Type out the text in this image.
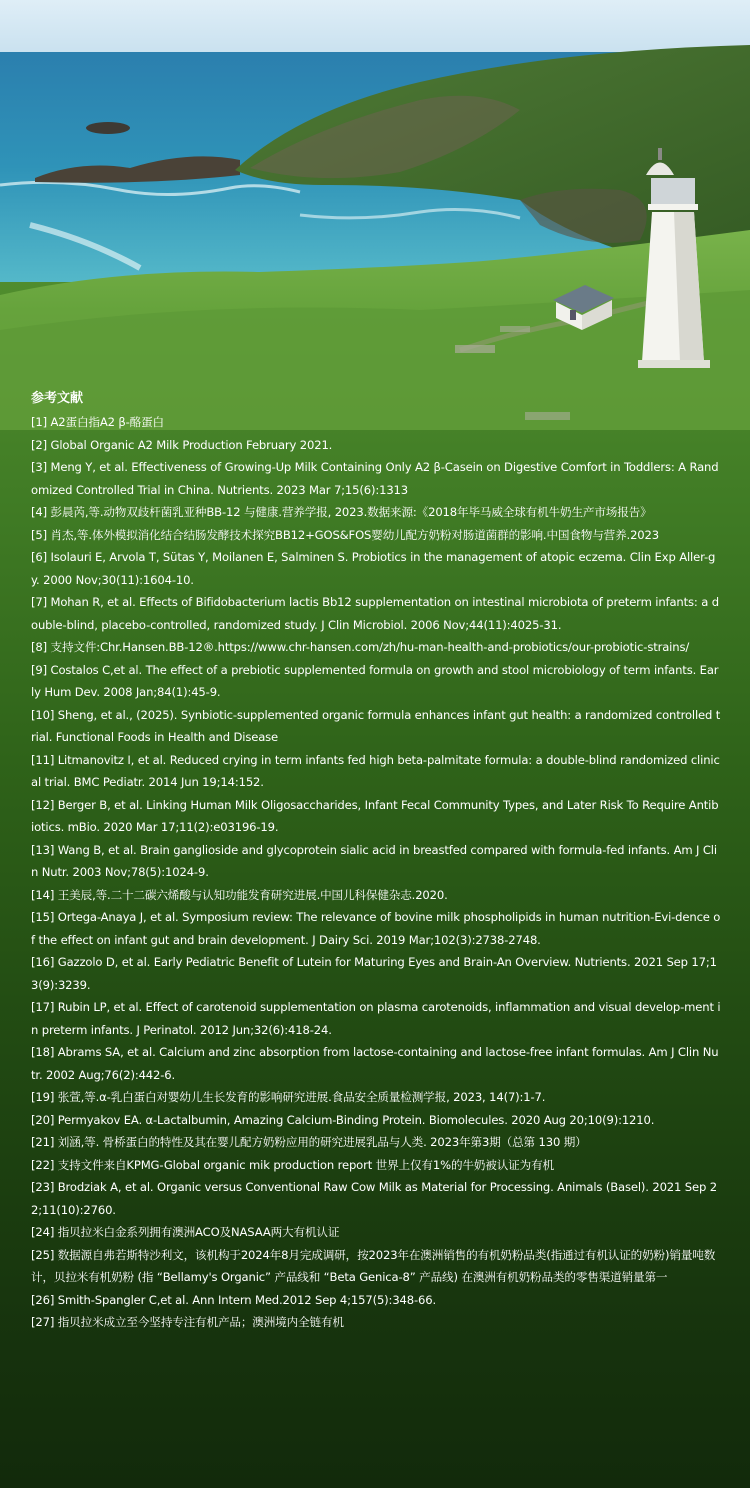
参考文献
[1] A2蛋白指A2 β-酪蛋白
[2] Global Organic A2 Milk Production February 2021.
[3] Meng Y, et al. Effectiveness of Growing-Up Milk Containing Only A2 β-Casein on Digestive Comfort in Toddlers: A Randomized Controlled Trial in China. Nutrients. 2023 Mar 7;15(6):1313
[4] 彭晨芮,等.动物双歧杆菌乳亚种BB-12 与健康.营养学报, 2023.数据来源:《2018年毕马威全球有机牛奶生产市场报告》
[5] 肖杰,等.体外模拟消化结合结肠发酵技术探究BB12+GOS&FOS婴幼儿配方奶粉对肠道菌群的影响.中国食物与营养.2023
[6] Isolauri E, Arvola T, Sütas Y, Moilanen E, Salminen S. Probiotics in the management of atopic eczema. Clin Exp Aller-gy. 2000 Nov;30(11):1604-10.
[7] Mohan R, et al. Effects of Bifidobacterium lactis Bb12 supplementation on intestinal microbiota of preterm infants: a double-blind, placebo-controlled, randomized study. J Clin Microbiol. 2006 Nov;44(11):4025-31.
[8] 支持文件:Chr.Hansen.BB-12®.https://www.chr-hansen.com/zh/hu-man-health-and-probiotics/our-probiotic-strains/
[9] Costalos C,et al. The effect of a prebiotic supplemented formula on growth and stool microbiology of term infants. Early Hum Dev. 2008 Jan;84(1):45-9.
[10] Sheng, et al., (2025). Synbiotic-supplemented organic formula enhances infant gut health: a randomized controlled trial. Functional Foods in Health and Disease
[11] Litmanovitz I, et al. Reduced crying in term infants fed high beta-palmitate formula: a double-blind randomized clinical trial. BMC Pediatr. 2014 Jun 19;14:152.
[12] Berger B, et al. Linking Human Milk Oligosaccharides, Infant Fecal Community Types, and Later Risk To Require Antibiotics. mBio. 2020 Mar 17;11(2):e03196-19.
[13] Wang B, et al. Brain ganglioside and glycoprotein sialic acid in breastfed compared with formula-fed infants. Am J Clin Nutr. 2003 Nov;78(5):1024-9.
[14] 王美辰,等.二十二碳六烯酸与认知功能发育研究进展.中国儿科保健杂志.2020.
[15] Ortega-Anaya J, et al. Symposium review: The relevance of bovine milk phospholipids in human nutrition-Evi-dence of the effect on infant gut and brain development. J Dairy Sci. 2019 Mar;102(3):2738-2748.
[16] Gazzolo D, et al. Early Pediatric Benefit of Lutein for Maturing Eyes and Brain-An Overview. Nutrients. 2021 Sep 17;13(9):3239.
[17] Rubin LP, et al. Effect of carotenoid supplementation on plasma carotenoids, inflammation and visual develop-ment in preterm infants. J Perinatol. 2012 Jun;32(6):418-24.
[18] Abrams SA, et al. Calcium and zinc absorption from lactose-containing and lactose-free infant formulas. Am J Clin Nutr. 2002 Aug;76(2):442-6.
[19] 张萱,等.α-乳白蛋白对婴幼儿生长发育的影响研究进展.食品安全质量检测学报, 2023, 14(7):1-7.
[20] Permyakov EA. α-Lactalbumin, Amazing Calcium-Binding Protein. Biomolecules. 2020 Aug 20;10(9):1210.
[21] 刘涵,等. 骨桥蛋白的特性及其在婴儿配方奶粉应用的研究进展乳品与人类. 2023年第3期（总第 130 期）
[22] 支持文件来自KPMG-Global organic mik production report 世界上仅有1%的牛奶被认证为有机
[23] Brodziak A, et al. Organic versus Conventional Raw Cow Milk as Material for Processing. Animals (Basel). 2021 Sep 22;11(10):2760.
[24] 指贝拉米白金系列拥有澳洲ACO及NASAA两大有机认证
[25] 数据源自弗若斯特沙利文，该机构于2024年8月完成调研，按2023年在澳洲销售的有机奶粉品类(指通过有机认证的奶粉)销量吨数计，贝拉米有机奶粉 (指 “Bellamy's Organic” 产品线和 “Beta Genica-8” 产品线) 在澳洲有机奶粉品类的零售渠道销量第一
[26] Smith-Spangler C,et al. Ann Intern Med.2012 Sep 4;157(5):348-66.
[27] 指贝拉米成立至今坚持专注有机产品；澳洲境内全链有机
